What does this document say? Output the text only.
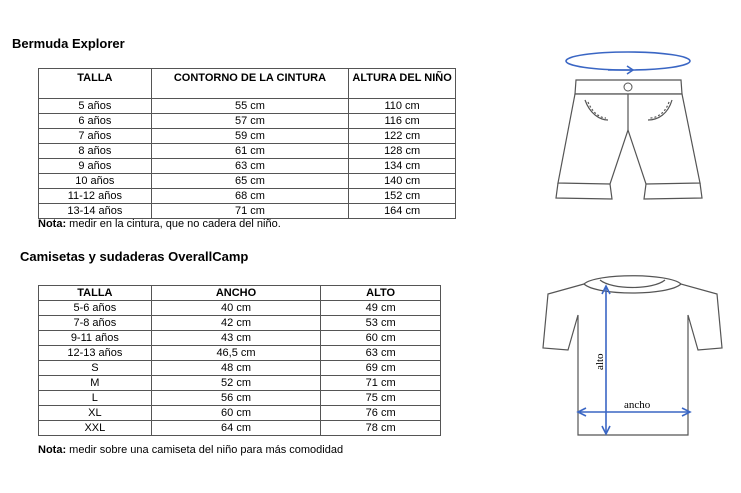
Bermuda Explorer
TALLA	CONTORNO DE LA CINTURA	ALTURA DEL NIÑO
5 años	55 cm	110 cm
6 años	57 cm	116 cm
7 años	59 cm	122 cm
8 años	61 cm	128 cm
9 años	63 cm	134 cm
10 años	65 cm	140 cm
11-12 años	68 cm	152 cm
13-14 años	71 cm	164 cm
Nota: medir en la cintura, que no cadera del niño.
Camisetas y sudaderas OverallCamp
TALLA	ANCHO	ALTO
5-6 años	40 cm	49 cm
7-8 años	42 cm	53 cm
9-11 años	43 cm	60 cm
12-13 años	46,5 cm	63 cm
S	48 cm	69 cm
M	52 cm	71 cm
L	56 cm	75 cm
XL	60 cm	76 cm
XXL	64 cm	78 cm
Nota: medir sobre una camiseta del niño para más comodidad
alto
ancho
